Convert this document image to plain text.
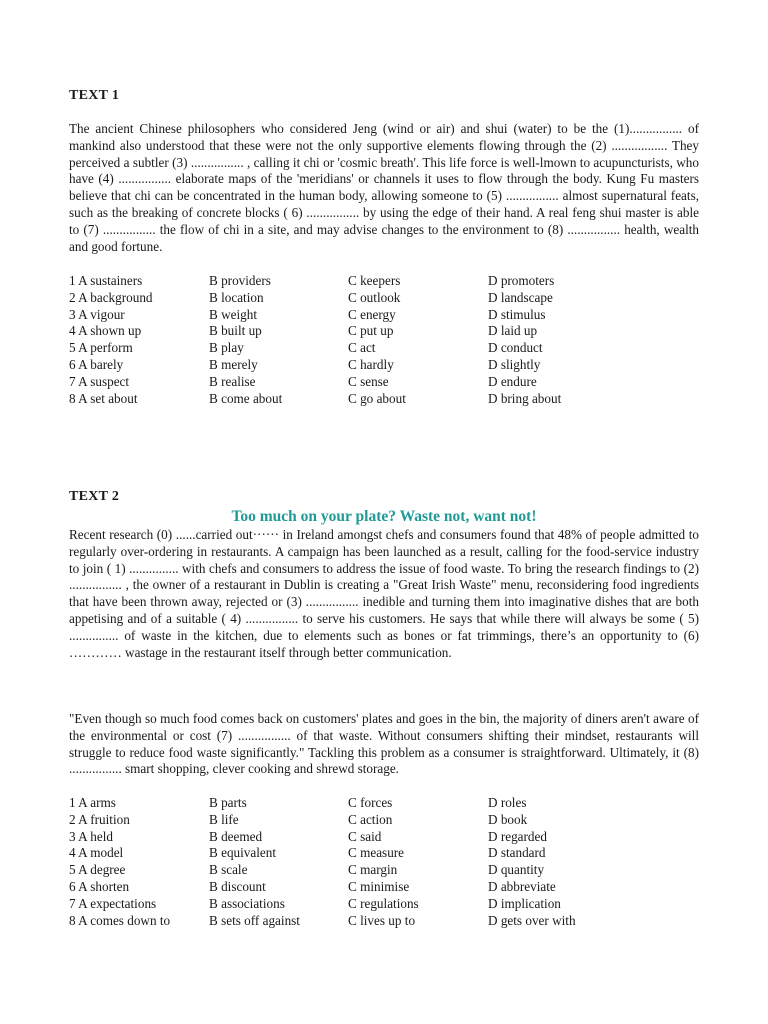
TEXT 1

The ancient Chinese philosophers who considered Jeng (wind or air) and shui (water) to be the (1)................ of mankind also understood that these were not the only supportive elements flowing through the (2) ................. They perceived a subtler (3) ................ , calling it chi or 'cosmic breath'. This life force is well-lmown to acupuncturists, who have (4) ................ elaborate maps of the 'meridians' or channels it uses to flow through the body. Kung Fu masters believe that chi can be concentrated in the human body, allowing someone to (5) ................ almost supernatural feats, such as the breaking of concrete blocks ( 6) ................ by using the edge of their hand. A real feng shui master is able to (7) ................ the flow of chi in a site, and may advise changes to the environment to (8) ................ health, wealth and good fortune.

1 A sustainers	B providers	C keepers	D promoters
2 A background	B location	C outlook	D landscape
3 A vigour	B weight	C energy	D stimulus
4 A shown up	B built up	C put up	D laid up
5 A perform	B play	C act	D conduct
6 A barely	B merely	C hardly	D slightly
7 A suspect	B realise	C sense	D endure
8 A set about	B come about	C go about	D bring about
TEXT 2
Too much on your plate? Waste not, want not!

Recent research (0) ......carried out······ in Ireland amongst chefs and consumers found that 48% of people admitted to regularly over-ordering in restaurants. A campaign has been launched as a result, calling for the food-service industry to join ( 1) ............... with chefs and consumers to address the issue of food waste. To bring the research findings to (2) ................ , the owner of a restaurant in Dublin is creating a "Great Irish Waste" menu, reconsidering food ingredients that have been thrown away, rejected or (3) ................ inedible and turning them into imaginative dishes that are both appetising and of a suitable ( 4) ................ to serve his customers. He says that while there will always be some ( 5) ............... of waste in the kitchen, due to elements such as bones or fat trimmings, there’s an opportunity to (6) ………… wastage in the restaurant itself through better communication.

"Even though so much food comes back on customers' plates and goes in the bin, the majority of diners aren't aware of the environmental or cost (7) ................ of that waste. Without consumers shifting their mindset, restaurants will struggle to reduce food waste significantly." Tackling this problem as a consumer is straightforward. Ultimately, it (8) ................ smart shopping, clever cooking and shrewd storage.

1 A arms	B parts	C forces	D roles
2 A fruition	B life	C action	D book
3 A held	B deemed	C said	D regarded
4 A model	B equivalent	C measure	D standard
5 A degree	B scale	C margin	D quantity
6 A shorten	B discount	C minimise	D abbreviate
7 A expectations	B associations	C regulations	D implication
8 A comes down to	B sets off against	C lives up to	D gets over with
